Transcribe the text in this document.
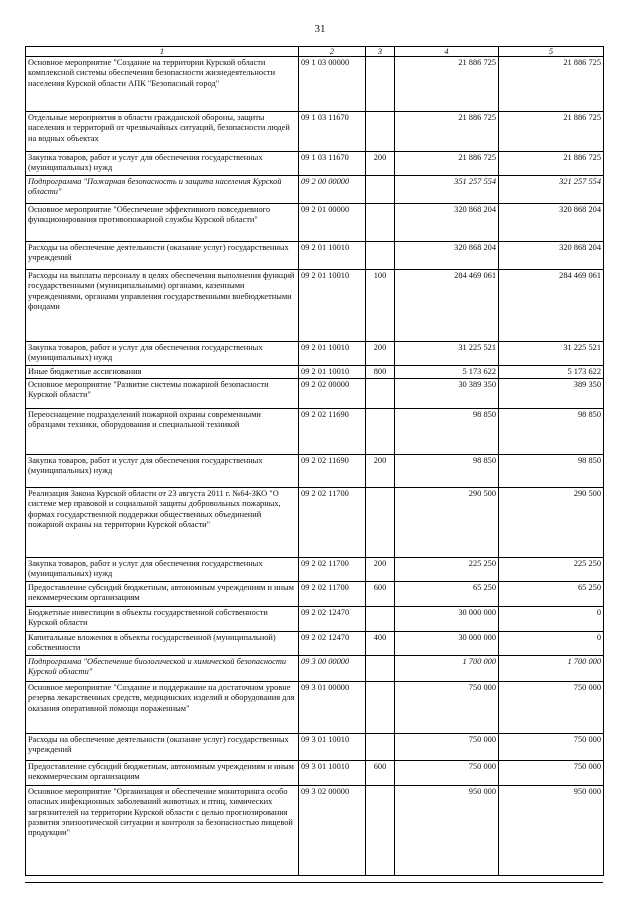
31
1	2	3	4	5
Основное мероприятие "Создание на территории Курской области комплексной системы обеспечения безопасности жизнедеятельности населения Курской области АПК "Безопасный город"	09 1 03 00000		21 886 725	21 886 725
Отдельные мероприятия в области гражданской обороны, защиты населения и территорий от чрезвычайных ситуаций, безопасности людей на водных объектах	09 1 03 11670		21 886 725	21 886 725
Закупка товаров, работ и услуг для обеспечения государственных (муниципальных) нужд	09 1 03 11670	200	21 886 725	21 886 725
Подпрограмма "Пожарная безопасность и защита населения Курской области"	09 2 00 00000		351 257 554	321 257 554
Основное мероприятие "Обеспечение эффективного повседневного функционирования противопожарной службы Курской области"	09 2 01 00000		320 868 204	320 868 204
Расходы на обеспечение деятельности (оказание услуг) государственных учреждений	09 2 01 10010		320 868 204	320 868 204
Расходы на выплаты персоналу в целях обеспечения выполнения функций государственными (муниципальными) органами, казенными учреждениями, органами управления государственными внебюджетными фондами	09 2 01 10010	100	284 469 061	284 469 061
Закупка товаров, работ и услуг для обеспечения государственных (муниципальных) нужд	09 2 01 10010	200	31 225 521	31 225 521
Иные бюджетные ассигнования	09 2 01 10010	800	5 173 622	5 173 622
Основное мероприятие "Развитие системы пожарной безопасности Курской области"	09 2 02 00000		30 389 350	389 350
Переоснащение подразделений пожарной охраны современными образцами техники, оборудования и специальной техникой	09 2 02 11690		98 850	98 850
Закупка товаров, работ и услуг для обеспечения государственных (муниципальных) нужд	09 2 02 11690	200	98 850	98 850
Реализация Закона Курской области от 23 августа 2011 г. №64-ЗКО "О системе мер правовой и социальной защиты добровольных пожарных, формах государственной поддержки общественных объединений пожарной охраны на территории Курской области"	09 2 02 11700		290 500	290 500
Закупка товаров, работ и услуг для обеспечения государственных (муниципальных) нужд	09 2 02 11700	200	225 250	225 250
Предоставление субсидий бюджетным, автономным учреждениям и иным некоммерческим организациям	09 2 02 11700	600	65 250	65 250
Бюджетные инвестиции в объекты государственной собственности Курской области	09 2 02 12470		30 000 000	0
Капитальные вложения в объекты государственной (муниципальной) собственности	09 2 02 12470	400	30 000 000	0
Подпрограмма "Обеспечение биологической и химической безопасности Курской области"	09 3 00 00000		1 700 000	1 700 000
Основное мероприятие "Создание и поддержание на достаточном уровне резерва лекарственных средств, медицинских изделий и оборудования для оказания оперативной помощи пораженным"	09 3 01 00000		750 000	750 000
Расходы на обеспечение деятельности (оказание услуг) государственных учреждений	09 3 01 10010		750 000	750 000
Предоставление субсидий бюджетным, автономным учреждениям и иным некоммерческим организациям	09 3 01 10010	600	750 000	750 000
Основное мероприятие "Организация и обеспечение мониторинга особо опасных инфекционных заболеваний животных и птиц, химических загрязнителей на территории Курской области с целью прогнозирования развития эпизоотической ситуации и контроля за безопасностью пищевой продукции"	09 3 02 00000		950 000	950 000
